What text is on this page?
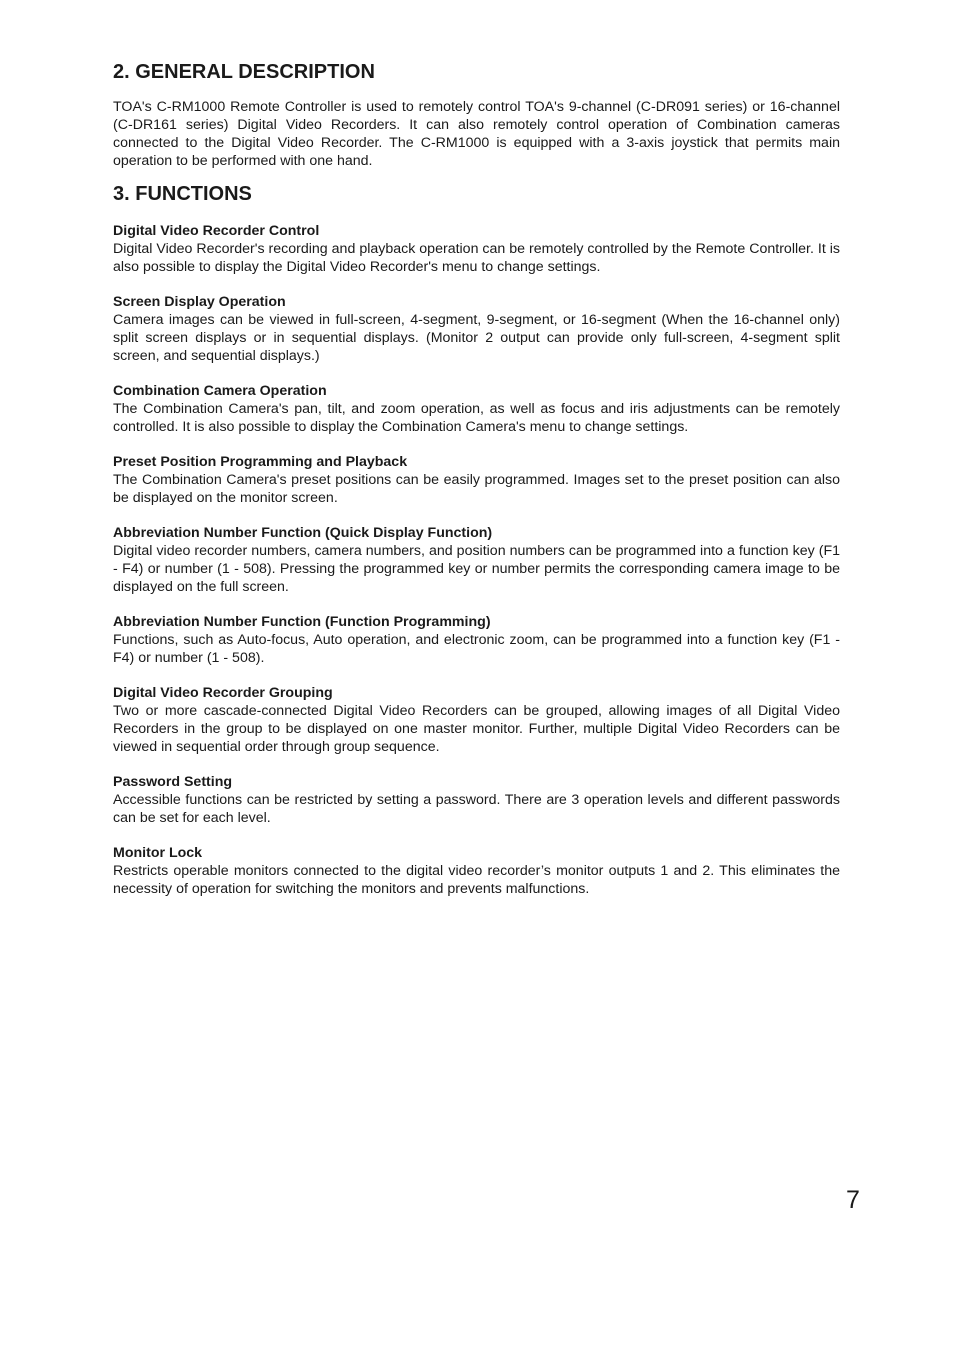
2. GENERAL DESCRIPTION

TOA's C-RM1000 Remote Controller is used to remotely control TOA's 9-channel (C-DR091 series) or 16-channel (C-DR161 series) Digital Video Recorders. It can also remotely control operation of Combination cameras connected to the Digital Video Recorder. The C-RM1000 is equipped with a 3-axis joystick that permits main operation to be performed with one hand.

3. FUNCTIONS
Digital Video Recorder Control

Digital Video Recorder's recording and playback operation can be remotely controlled by the Remote Controller. It is also possible to display the Digital Video Recorder's menu to change settings.

Screen Display Operation

Camera images can be viewed in full-screen, 4-segment, 9-segment, or 16-segment (When the 16-channel only) split screen displays or in sequential displays. (Monitor 2 output can provide only full-screen, 4-segment split screen, and sequential displays.)

Combination Camera Operation

The Combination Camera's pan, tilt, and zoom operation, as well as focus and iris adjustments can be remotely controlled. It is also possible to display the Combination Camera's menu to change settings.

Preset Position Programming and Playback

The Combination Camera's preset positions can be easily programmed. Images set to the preset position can also be displayed on the monitor screen.

Abbreviation Number Function (Quick Display Function)

Digital video recorder numbers, camera numbers, and position numbers can be programmed into a function key (F1 - F4) or number (1 - 508). Pressing the programmed key or number permits the corresponding camera image to be displayed on the full screen.

Abbreviation Number Function (Function Programming)

Functions, such as Auto-focus, Auto operation, and electronic zoom, can be programmed into a function key (F1 - F4) or number (1 - 508).

Digital Video Recorder Grouping

Two or more cascade-connected Digital Video Recorders can be grouped, allowing images of all Digital Video Recorders in the group to be displayed on one master monitor. Further, multiple Digital Video Recorders can be viewed in sequential order through group sequence.

Password Setting

Accessible functions can be restricted by setting a password. There are 3 operation levels and different passwords can be set for each level.

Monitor Lock

Restricts operable monitors connected to the digital video recorder’s monitor outputs 1 and 2. This eliminates the necessity of operation for switching the monitors and prevents malfunctions.

7
